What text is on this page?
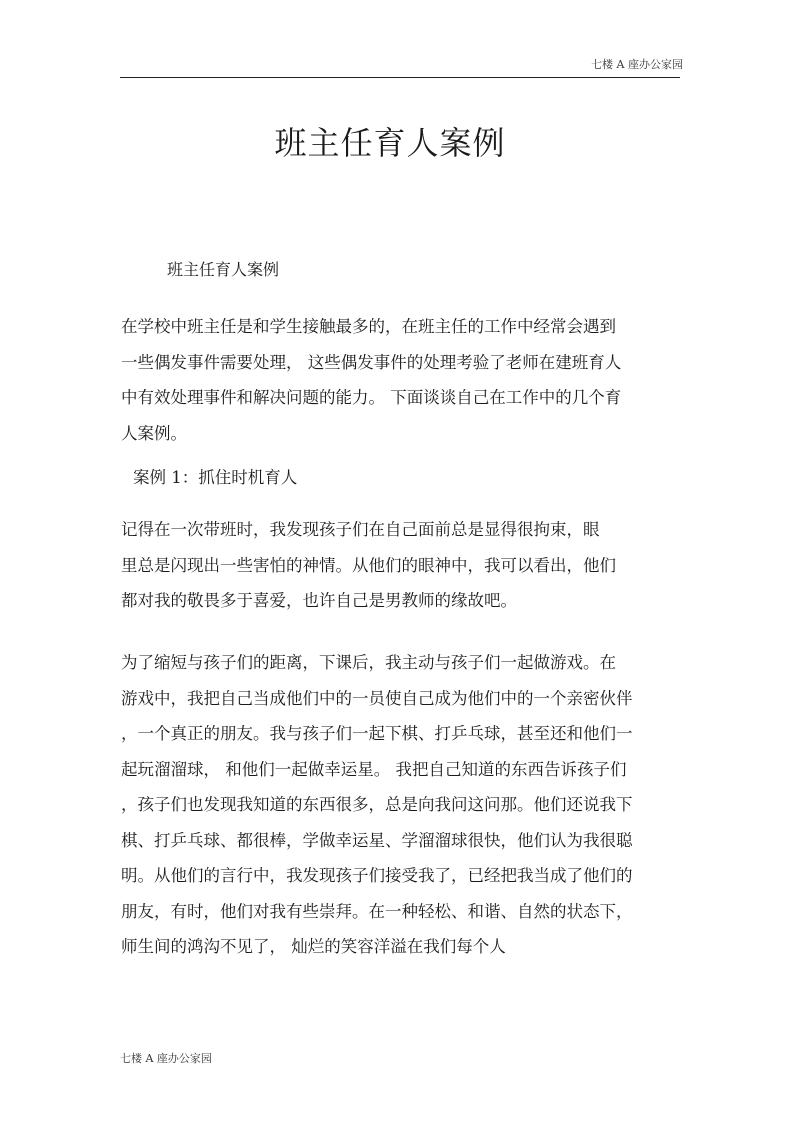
七楼 A 座办公家园
班主任育人案例
班主任育人案例

在学校中班主任是和学生接触最多的，在班主任的工作中经常会遇到
一些偶发事件需要处理， 这些偶发事件的处理考验了老师在建班育人
中有效处理事件和解决问题的能力。 下面谈谈自己在工作中的几个育
人案例。

案例 1：抓住时机育人

记得在一次带班时，我发现孩子们在自己面前总是显得很拘束，眼
里总是闪现出一些害怕的神情。从他们的眼神中，我可以看出，他们
都对我的敬畏多于喜爱，也许自己是男教师的缘故吧。

为了缩短与孩子们的距离，下课后，我主动与孩子们一起做游戏。在
游戏中，我把自己当成他们中的一员使自己成为他们中的一个亲密伙伴
，一个真正的朋友。我与孩子们一起下棋、打乒乓球，甚至还和他们一
起玩溜溜球， 和他们一起做幸运星。 我把自己知道的东西告诉孩子们
，孩子们也发现我知道的东西很多，总是向我问这问那。他们还说我下
棋、打乒乓球、都很棒，学做幸运星、学溜溜球很快，他们认为我很聪
明。从他们的言行中，我发现孩子们接受我了，已经把我当成了他们的
朋友，有时，他们对我有些崇拜。在一种轻松、和谐、自然的状态下，
师生间的鸿沟不见了， 灿烂的笑容洋溢在我们每个人

七楼 A 座办公家园
